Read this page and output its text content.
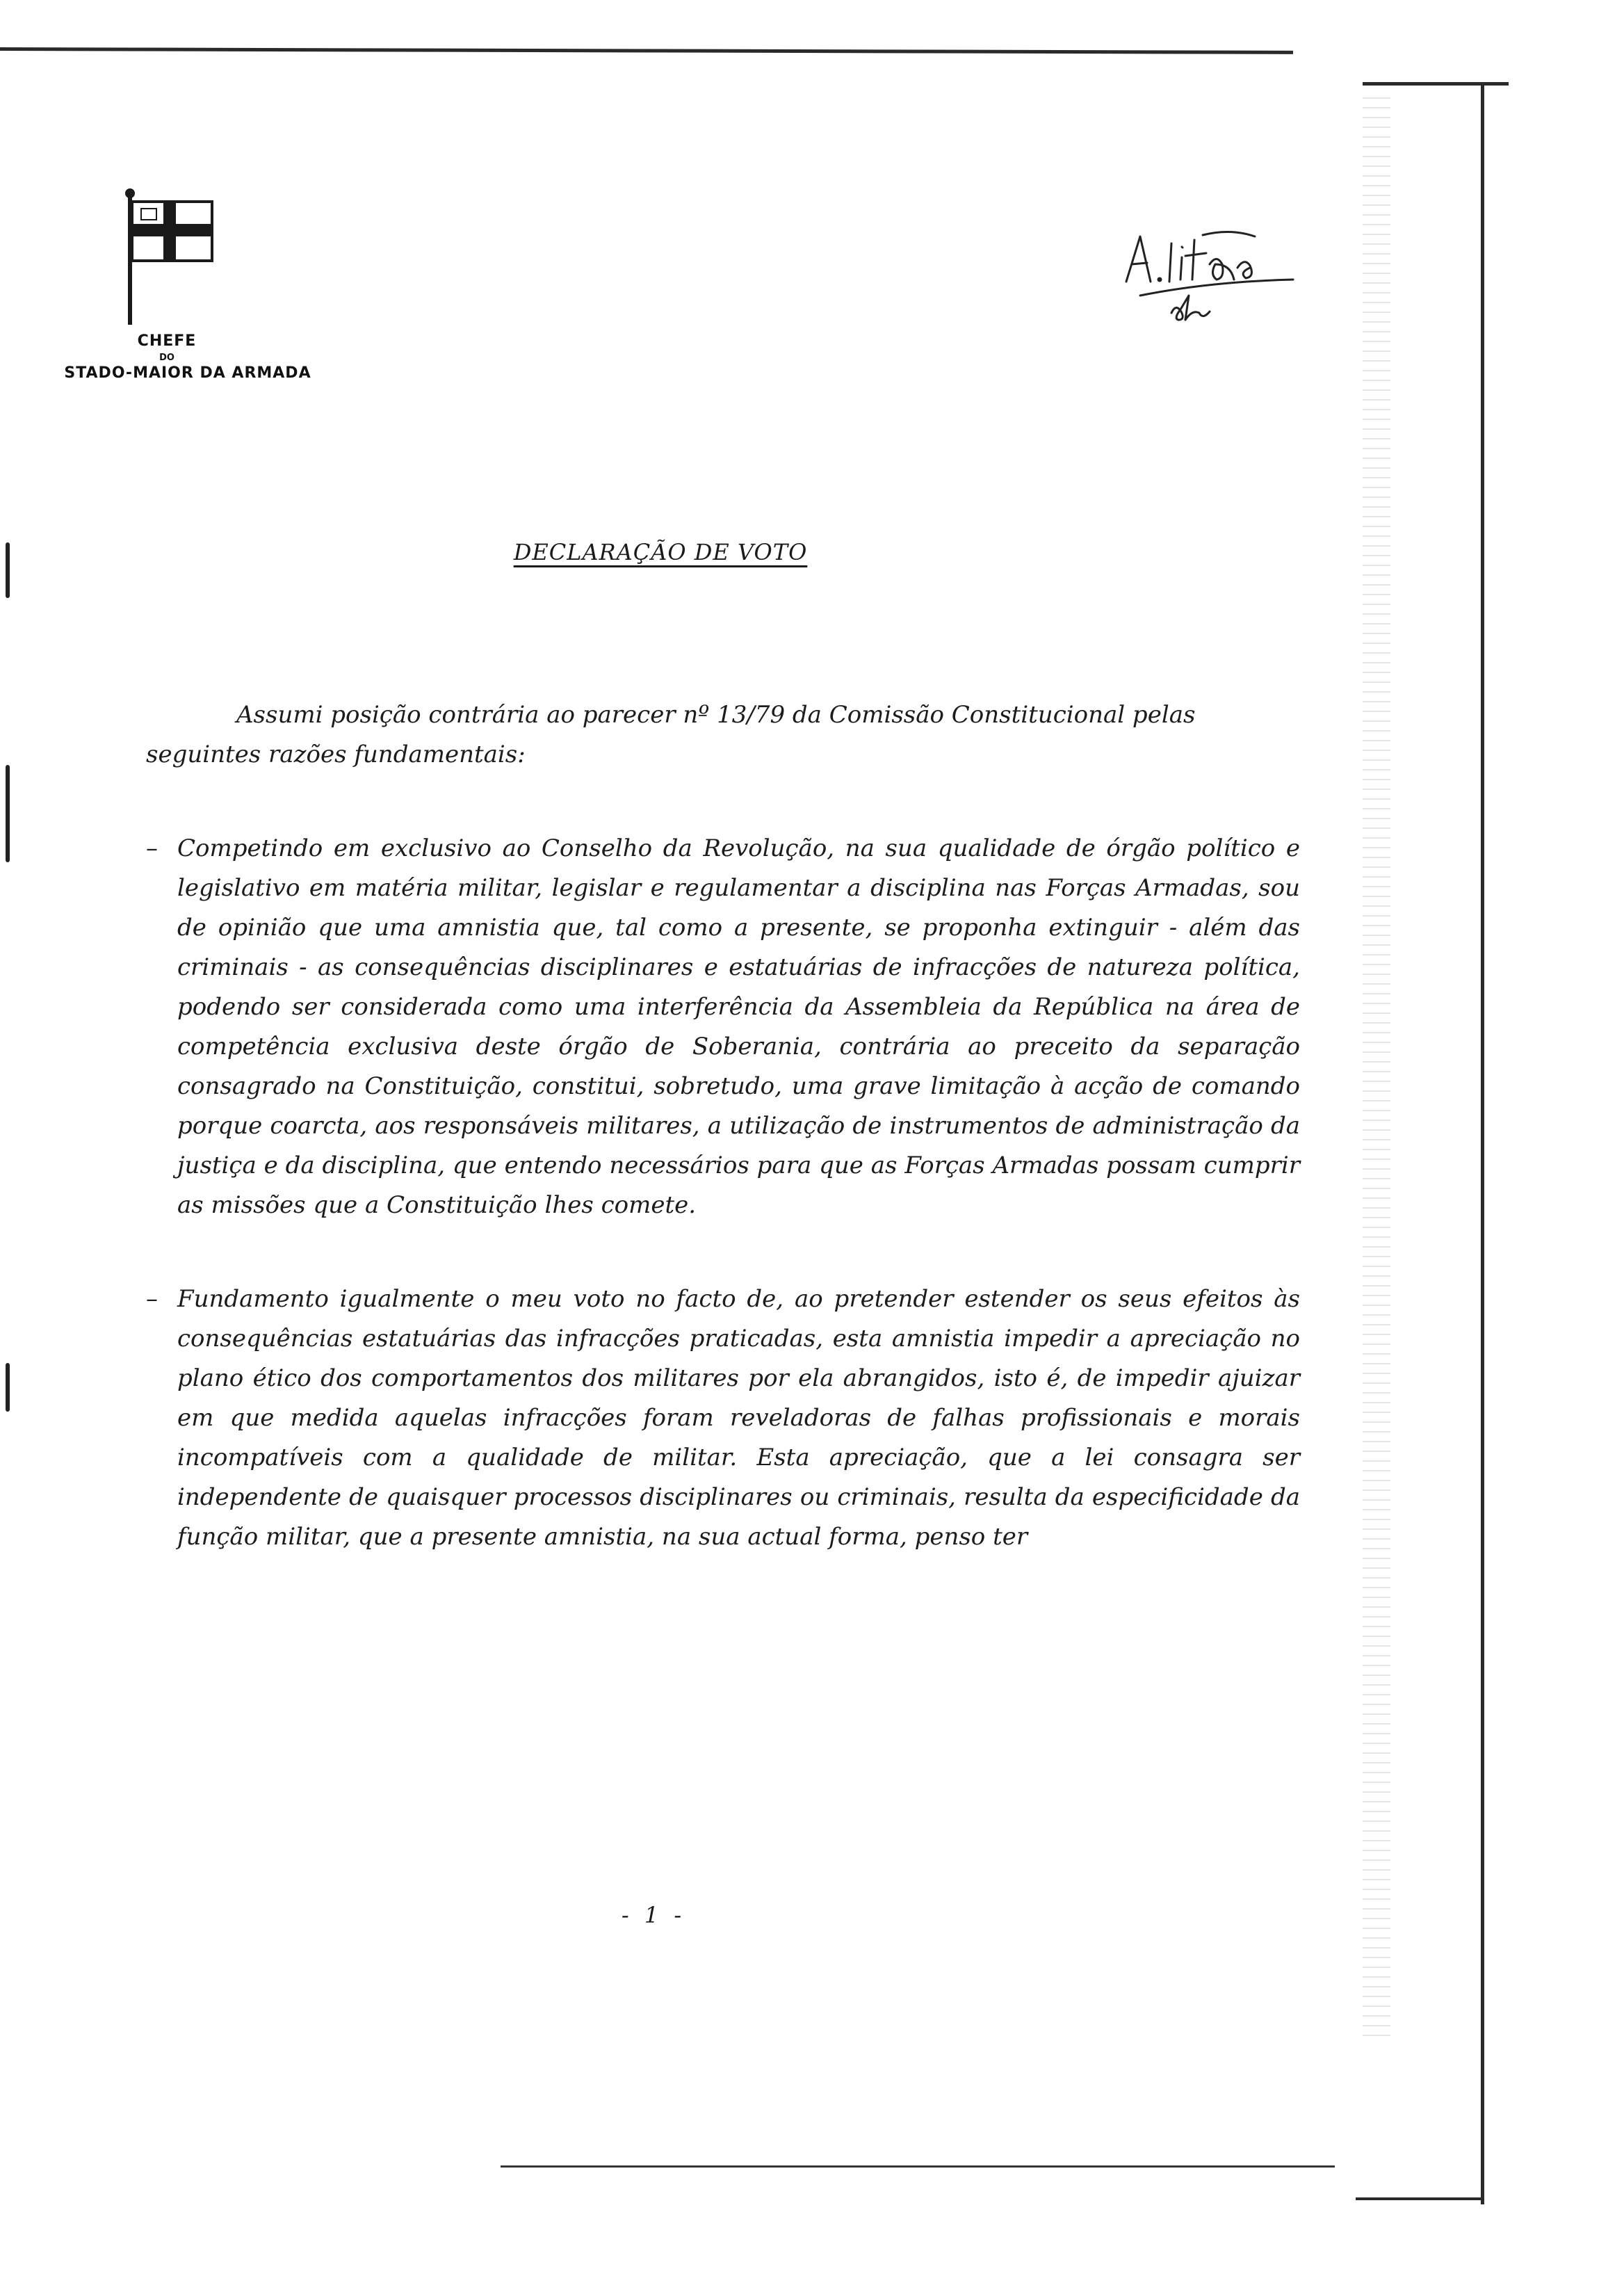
CHEFE
DO
STADO-MAIOR DA ARMADA
DECLARAÇÃO DE VOTO

Assumi posição contrária ao parecer nº 13/79 da Comissão Constitucional pelas seguintes razões fundamentais:

– Competindo em exclusivo ao Conselho da Revolução, na sua qualidade de órgão político e legislativo em matéria militar, legislar e regulamentar a disciplina nas Forças Armadas, sou de opinião que uma amnistia que, tal como a presente, se proponha extinguir - além das criminais - as consequências disciplinares e estatuárias de infracções de natureza política, podendo ser considerada como uma interferência da Assembleia da República na área de competência exclusiva deste órgão de Soberania, contrária ao preceito da separação consagrado na Constituição, constitui, sobretudo, uma grave limitação à acção de comando porque coarcta, aos responsáveis militares, a utilização de instrumentos de administração da justiça e da disciplina, que entendo necessários para que as Forças Armadas possam cumprir as missões que a Constituição lhes comete.

– Fundamento igualmente o meu voto no facto de, ao pretender estender os seus efeitos às consequências estatuárias das infracções praticadas, esta amnistia impedir a apreciação no plano ético dos comportamentos dos militares por ela abrangidos, isto é, de impedir ajuizar em que medida aquelas infracções foram reveladoras de falhas profissionais e morais incompatíveis com a qualidade de militar. Esta apreciação, que a lei consagra ser independente de quaisquer processos disciplinares ou criminais, resulta da especificidade da função militar, que a presente amnistia, na sua actual forma, penso ter

- 1 -
